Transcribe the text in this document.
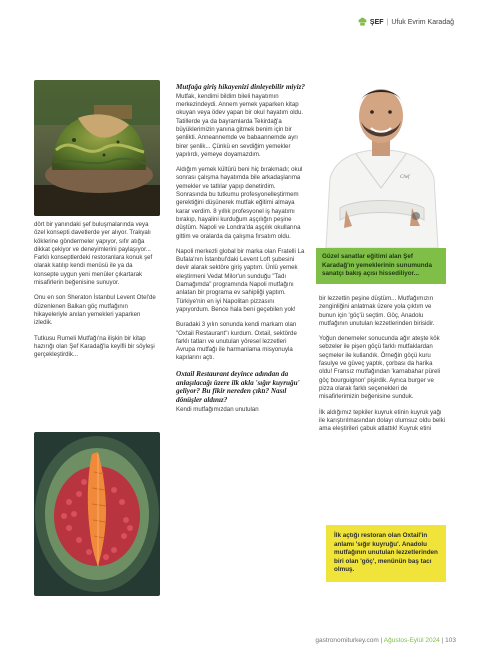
ŞEF | Ufuk Evrim Karadağ

dört bir yanındaki şef buluşmalarında veya özel konsepti davetlerde yer alıyor. Trakyalı köklerine göndermeler yapıyor, sıfır atığa dikkat çekiyor ve deneyimlerini paylaşıyor... Farklı konseptlerdeki restoranlara konuk şef olarak katılıp kendi menüsü ile ya da konsepte uygun yeni menüler çıkartarak misafirlerin beğenisine sunuyor.

Onu en son Sheraton İstanbul Levent Otel'de düzenlenen Balkan göç mutfağının hikayeleriyle anılan yemekleri yaparken izledik.

Tutkusu Rumeli Mutfağı'na ilişkin bir kitap hazırığı olan Şef Karadağ'la keyifli bir söyleşi gerçekleştirdik...

Mutfağa giriş hikayenizi dinleyebilir miyiz?

Mutfak, kendimi bildim bileli hayatımın merkezindeydi. Annem yemek yaparken kitap okuyan veya ödev yapan bir okul hayatım oldu. Tatillerde ya da bayramlarda Tekirdağ'a büyüklerimizin yanına gitmek benim için bir şenlikti. Anneannemde ve babaannemde ayrı birer şenlik... Çünkü en sevdiğim yemekler yapılırdı, yemeye doyamazdım.

Aldığım yemek kültürü beni hiç bırakmadı; okul sonrası çalışma hayatımda bile arkadaşlarıma yemekler ve tatlılar yapıp denetirdim. Sonrasında bu tutkumu profesyonelleştirmem gerektiğini düşünerek mutfak eğitimi almaya karar verdim. 8 yıllık profesyonel iş hayatımı bırakıp, hayalini kurduğum aşçılığın peşine düştüm. Napoli ve Londra'da aşçılık okullarına gittim ve oralarda da çalışma fırsatım oldu.

Napoli merkezli global bir marka olan Fratelli La Bufala'nın İstanbul'daki Levent Loft şubesini devir alarak sektöre giriş yaptım. Ünlü yemek eleştirmeni Vedat Milor'un sunduğu "Tadı Damağımda" programında Napoli mutfağını anlatan bir programa ev sahipliği yaptım. Türkiye'nin en iyi Napolitan pizzasını yapıyordum. Bence hala beni geçebilen yok!

Buradaki 3 yılın sonunda kendi markam olan "Oxtail Restaurant"ı kurdum. Oxtail, sektörde farklı tatları ve unutulan yöresel lezzetleri Avrupa mutfağı ile harmanlama misyonuyla kapılarını açtı.

Oxtail Restaurant deyince adından da anlaşılacağı üzere ilk akla 'sığır kuyruğu' geliyor? Bu fikir nereden çıktı? Nasıl dönüşler aldınız?

Kendi mutfağımızdan unutulan

Chef
Güzel sanatlar eğitimi alan Şef Karadağ'ın yemeklerinin sunumunda sanatçı bakış açısı hissediliyor...

bir lezzettin peşine düştüm... Mutfağımızın zenginliğini anlatmak üzere yola çıktım ve bunun için 'göç'ü seçtim. Göç, Anadolu mutfağının unutulan lezzetlerinden birisidir.

Yoğun denemeler sonucunda ağır ateşte kök sebzeler ile pişen göçü farklı mutfaklardan seçmeler ile kullandık. Örneğin göçü kuru fasulye ve güveç yaptık, çorbası da harika oldu! Fransız mutfağından 'karnabahar püreli göç bourguignon' pişirdik. Ayrıca burger ve pizza olarak farklı seçenekleri de misafirlerimizin beğenisine sunduk.

İlk aldığımız tepkiler kuyruk etinin kuyruk yağı ile karıştırılmasından dolayı olumsuz oldu belki ama eleştirileri çabuk atlattık! Kuyruk etini

İlk açtığı restoran olan Oxtail'in anlamı 'sığır kuyruğu'. Anadolu mutfağının unutulan lezzetlerinden biri olan 'göç', menünün baş tacı olmuş.
gastronomiturkey.com | Ağustos-Eylül 2024 | 103
